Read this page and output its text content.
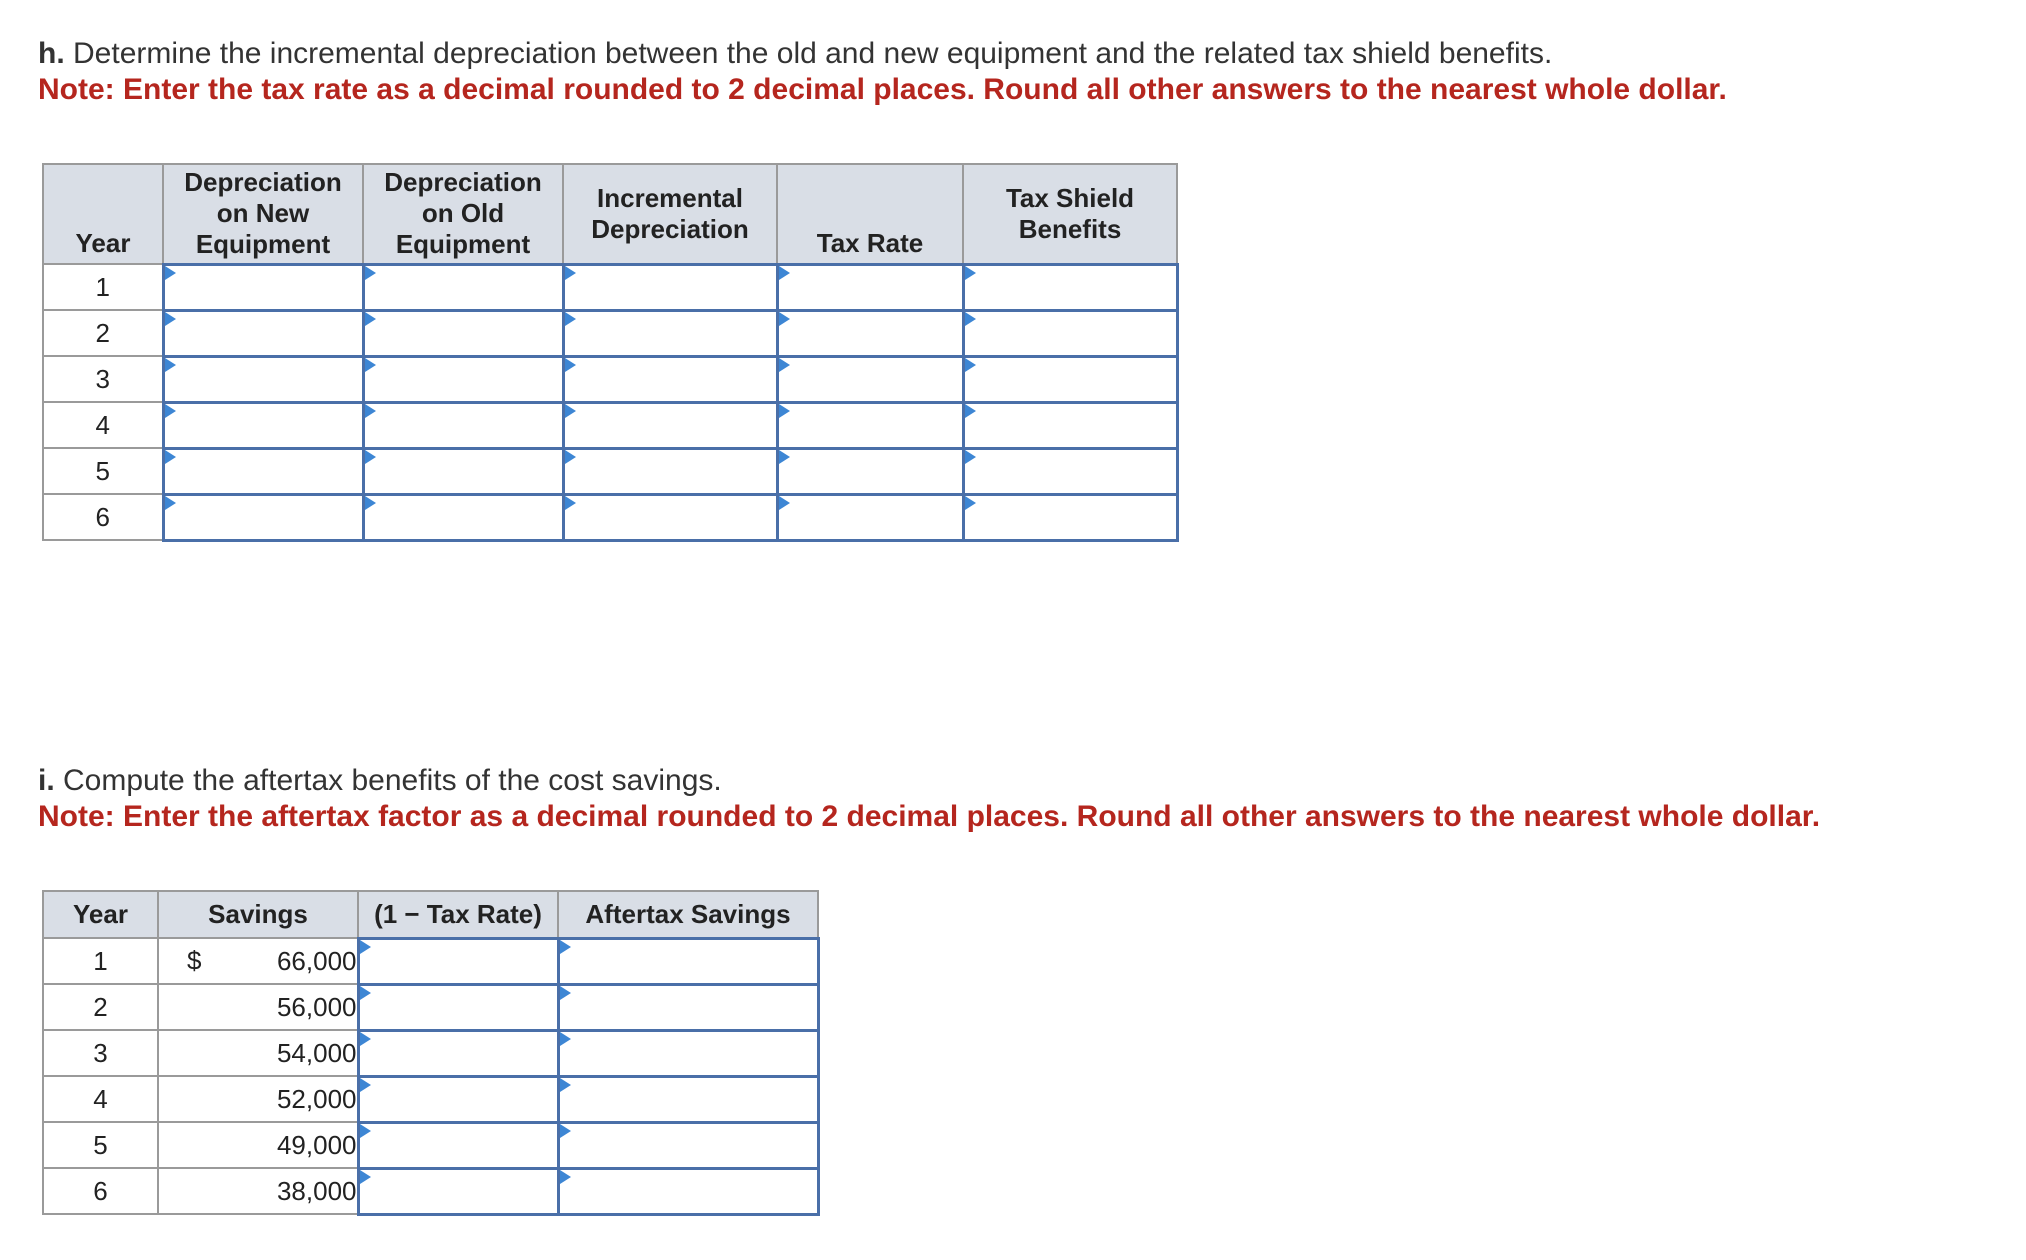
h. Determine the incremental depreciation between the old and new equipment and the related tax shield benefits.
Note: Enter the tax rate as a decimal rounded to 2 decimal places. Round all other answers to the nearest whole dollar.
Year	Depreciation on New Equipment	Depreciation on Old Equipment	Incremental Depreciation	Tax Rate	Tax Shield Benefits
1					
2					
3					
4					
5					
6					
i. Compute the aftertax benefits of the cost savings.
Note: Enter the aftertax factor as a decimal rounded to 2 decimal places. Round all other answers to the nearest whole dollar.
Year	Savings	(1 − Tax Rate)	Aftertax Savings
1	$ 66,000		
2	56,000		
3	54,000		
4	52,000		
5	49,000		
6	38,000		
